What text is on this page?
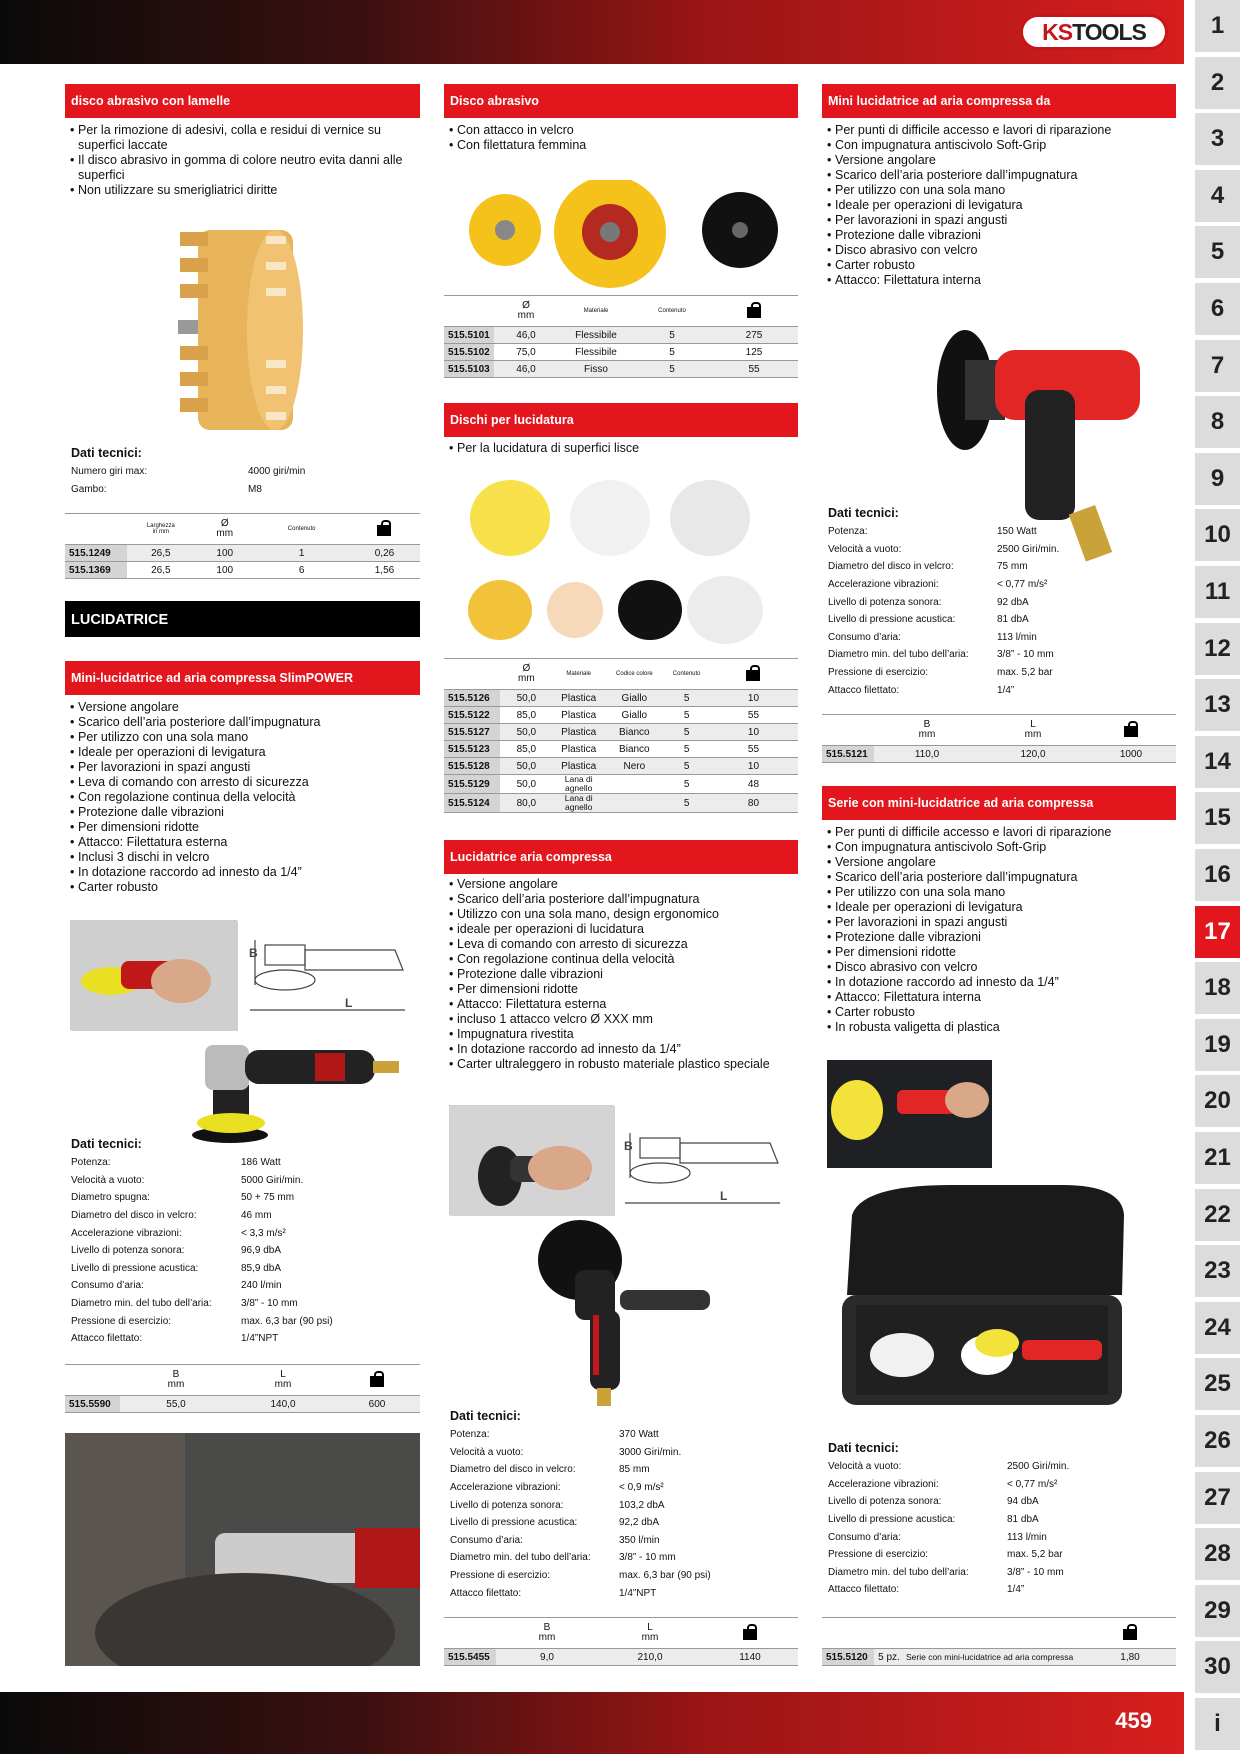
KS TOOLS	1
2
3
4
5
6
7
8
9
10
11
12
13
14
15
16
17
18
19
20
21
22
23
24
25
26
27
28
29
30
i
disco abrasivo con lamelle
• Per la rimozione di adesivi, colla e residui di vernice su superfici laccate
• Il disco abrasivo in gomma di colore neutro evita danni alle superfici
• Non utilizzare su smerigliatrici diritte
Dati tecnici:
Numero giri max:	4000 giri/min
Gambo:	M8
	Larghezza
in mm	Ø
mm	Contenuto	
515.1249	26,5	100	1	0,26
515.1369	26,5	100	6	1,56
LUCIDATRICE
Mini-lucidatrice ad aria compressa SlimPOWER
• Versione angolare
• Scarico dell’aria posteriore dall’impugnatura
• Per utilizzo con una sola mano
• Ideale per operazioni di levigatura
• Per lavorazioni in spazi angusti
• Leva di comando con arresto di sicurezza
• Con regolazione continua della velocità
• Protezione dalle vibrazioni
• Per dimensioni ridotte
• Attacco: Filettatura esterna
• Inclusi 3 dischi in velcro
• In dotazione raccordo ad innesto da 1/4”
• Carter robusto
B
L
Dati tecnici:
Potenza:	186 Watt
Velocità a vuoto:	5000 Giri/min.
Diametro spugna:	50 + 75 mm
Diametro del disco in velcro:	46 mm
Accelerazione vibrazioni:	< 3,3 m/s²
Livello di potenza sonora:	96,9 dbA
Livello di pressione acustica:	85,9 dbA
Consumo d’aria:	240 l/min
Diametro min. del tubo dell’aria:	3/8” - 10 mm
Pressione di esercizio:	max. 6,3 bar (90 psi)
Attacco filettato:	1/4”NPT
	B
mm	L
mm	
515.5590	55,0	140,0	600
Disco abrasivo
• Con attacco in velcro
• Con filettatura femmina
	Ø
mm	Materiale	Contenuto	
515.5101	46,0	Flessibile	5	275
515.5102	75,0	Flessibile	5	125
515.5103	46,0	Fisso	5	55
Dischi per lucidatura
• Per la lucidatura di superfici lisce
	Ø
mm	Materiale	Codice colore	Contenuto	
515.5126	50,0	Plastica	Giallo	5	10
515.5122	85,0	Plastica	Giallo	5	55
515.5127	50,0	Plastica	Bianco	5	10
515.5123	85,0	Plastica	Bianco	5	55
515.5128	50,0	Plastica	Nero	5	10
515.5129	50,0	Lana di agnello		5	48
515.5124	80,0	Lana di agnello		5	80
Lucidatrice aria compressa
• Versione angolare
• Scarico dell’aria posteriore dall’impugnatura
• Utilizzo con una sola mano, design ergonomico
• ideale per operazioni di lucidatura
• Leva di comando con arresto di sicurezza
• Con regolazione continua della velocità
• Protezione dalle vibrazioni
• Per dimensioni ridotte
• Attacco: Filettatura esterna
• incluso 1 attacco velcro Ø XXX mm
• Impugnatura rivestita
• In dotazione raccordo ad innesto da 1/4”
• Carter ultraleggero in robusto materiale plastico speciale
B
L
Dati tecnici:
Potenza:	370 Watt
Velocità a vuoto:	3000 Giri/min.
Diametro del disco in velcro:	85 mm
Accelerazione vibrazioni:	< 0,9 m/s²
Livello di potenza sonora:	103,2 dbA
Livello di pressione acustica:	92,2 dbA
Consumo d’aria:	350 l/min
Diametro min. del tubo dell’aria:	3/8” - 10 mm
Pressione di esercizio:	max. 6,3 bar (90 psi)
Attacco filettato:	1/4”NPT
	B
mm	L
mm	
515.5455	9,0	210,0	1140
Mini lucidatrice ad aria compressa da
• Per punti di difficile accesso e lavori di riparazione
• Con impugnatura antiscivolo Soft-Grip
• Versione angolare
• Scarico dell’aria posteriore dall’impugnatura
• Per utilizzo con una sola mano
• Ideale per operazioni di levigatura
• Per lavorazioni in spazi angusti
• Protezione dalle vibrazioni
• Disco abrasivo con velcro
• Carter robusto
• Attacco: Filettatura interna
Dati tecnici:
Potenza:	150 Watt
Velocità a vuoto:	2500 Giri/min.
Diametro del disco in velcro:	75 mm
Accelerazione vibrazioni:	< 0,77 m/s²
Livello di potenza sonora:	92 dbA
Livello di pressione acustica:	81 dbA
Consumo d’aria:	113 l/min
Diametro min. del tubo dell’aria:	3/8” - 10 mm
Pressione di esercizio:	max. 5,2 bar
Attacco filettato:	1/4”
	B
mm	L
mm	
515.5121	110,0	120,0	1000
Serie con mini-lucidatrice ad aria compressa
• Per punti di difficile accesso e lavori di riparazione
• Con impugnatura antiscivolo Soft-Grip
• Versione angolare
• Scarico dell’aria posteriore dall’impugnatura
• Per utilizzo con una sola mano
• Ideale per operazioni di levigatura
• Per lavorazioni in spazi angusti
• Protezione dalle vibrazioni
• Per dimensioni ridotte
• Disco abrasivo con velcro
• In dotazione raccordo ad innesto da 1/4”
• Attacco: Filettatura interna
• Carter robusto
• In robusta valigetta di plastica
Dati tecnici:
Velocità a vuoto:	2500 Giri/min.
Accelerazione vibrazioni:	< 0,77 m/s²
Livello di potenza sonora:	94 dbA
Livello di pressione acustica:	81 dbA
Consumo d’aria:	113 l/min
Pressione di esercizio:	max. 5,2 bar
Diametro min. del tubo dell’aria:	3/8” - 10 mm
Attacco filettato:	1/4”

515.5120	5 pz.	Serie con mini-lucidatrice ad aria compressa	1,80
459
